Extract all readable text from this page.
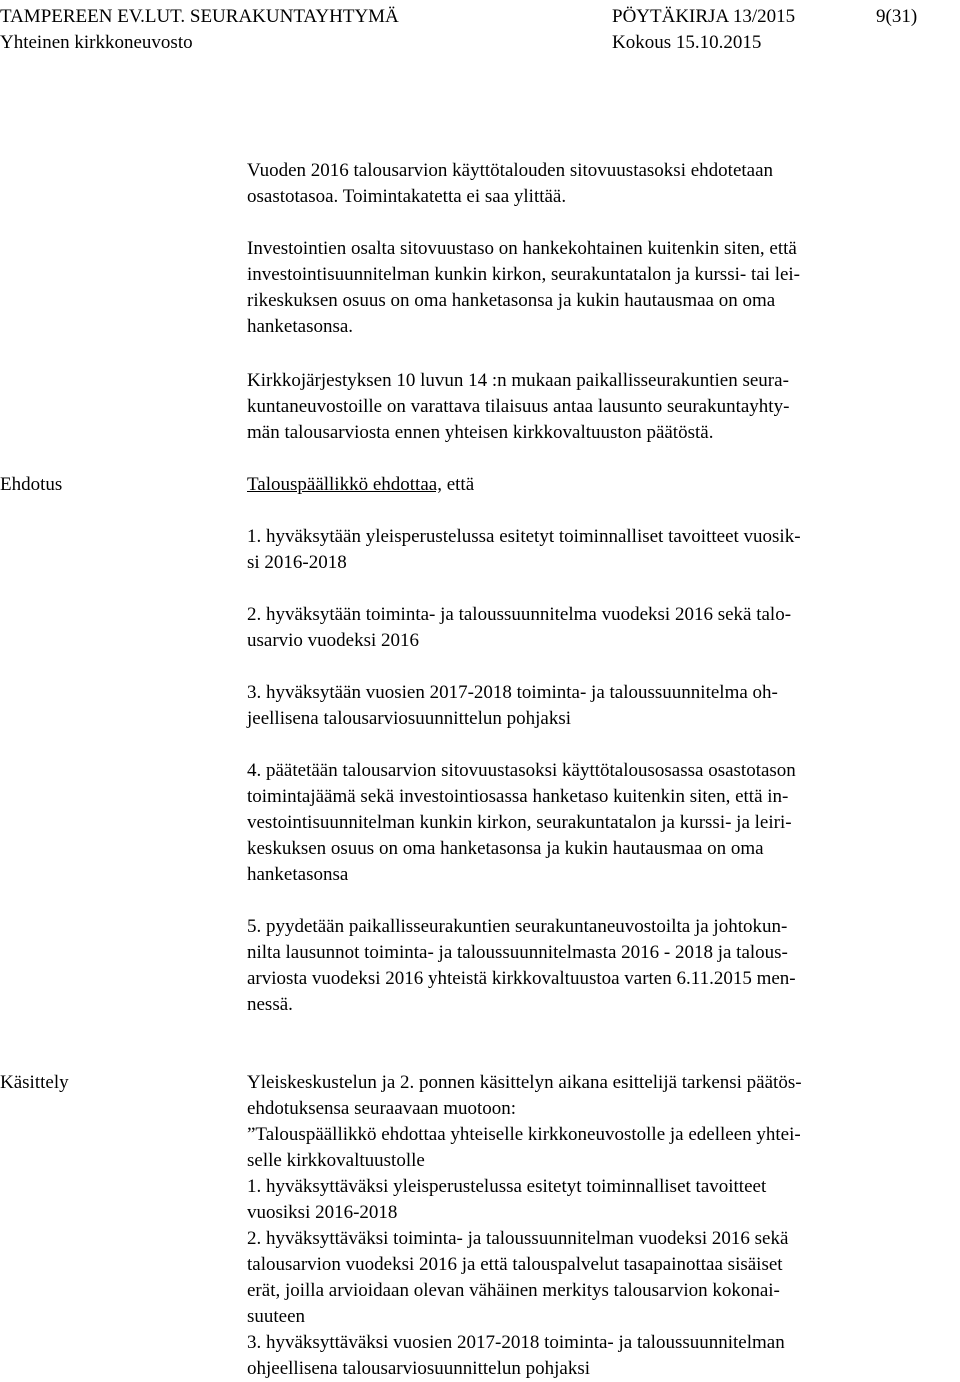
TAMPEREEN EV.LUT. SEURAKUNTAYHTYMÄ
Yhteinen kirkkoneuvosto
PÖYTÄKIRJA 13/2015
Kokous 15.10.2015
9(31)
Vuoden 2016 talousarvion käyttötalouden sitovuustasoksi ehdotetaan
osastotasoa. Toimintakatetta ei saa ylittää.
Investointien osalta sitovuustaso on hankekohtainen kuitenkin siten, että
investointisuunnitelman kunkin kirkon, seurakuntatalon ja kurssi- tai lei-
rikeskuksen osuus on oma hanketasonsa ja kukin hautausmaa on oma
hanketasonsa.
Kirkkojärjestyksen 10 luvun 14 :n mukaan paikallisseurakuntien seura-
kuntaneuvostoille on varattava tilaisuus antaa lausunto seurakuntayhty-
män talousarviosta ennen yhteisen kirkkovaltuuston päätöstä.
Ehdotus	Talouspäällikkö ehdottaa, että
1. hyväksytään yleisperustelussa esitetyt toiminnalliset tavoitteet vuosik-
si 2016-2018
2. hyväksytään toiminta- ja taloussuunnitelma vuodeksi 2016 sekä talo-
usarvio vuodeksi 2016
3. hyväksytään vuosien 2017-2018 toiminta- ja taloussuunnitelma oh-
jeellisena talousarviosuunnittelun pohjaksi
4. päätetään talousarvion sitovuustasoksi käyttötalousosassa osastotason
toimintajäämä sekä investointiosassa hanketaso kuitenkin siten, että in-
vestointisuunnitelman kunkin kirkon, seurakuntatalon ja kurssi- ja leiri-
keskuksen osuus on oma hanketasonsa ja kukin hautausmaa on oma
hanketasonsa
5. pyydetään paikallisseurakuntien seurakuntaneuvostoilta ja johtokun-
nilta lausunnot toiminta- ja taloussuunnitelmasta 2016 - 2018 ja talous-
arviosta vuodeksi 2016 yhteistä kirkkovaltuustoa varten 6.11.2015 men-
nessä.
Käsittely	Yleiskeskustelun ja 2. ponnen käsittelyn aikana esittelijä tarkensi päätös-
ehdotuksensa seuraavaan muotoon:
”Talouspäällikkö ehdottaa yhteiselle kirkkoneuvostolle ja edelleen yhtei-
selle kirkkovaltuustolle
1. hyväksyttäväksi yleisperustelussa esitetyt toiminnalliset tavoitteet
vuosiksi 2016-2018
2. hyväksyttäväksi toiminta- ja taloussuunnitelman vuodeksi 2016 sekä
talousarvion vuodeksi 2016 ja että talouspalvelut tasapainottaa sisäiset
erät, joilla arvioidaan olevan vähäinen merkitys talousarvion kokonai-
suuteen
3. hyväksyttäväksi vuosien 2017-2018 toiminta- ja taloussuunnitelman
ohjeellisena talousarviosuunnittelun pohjaksi
